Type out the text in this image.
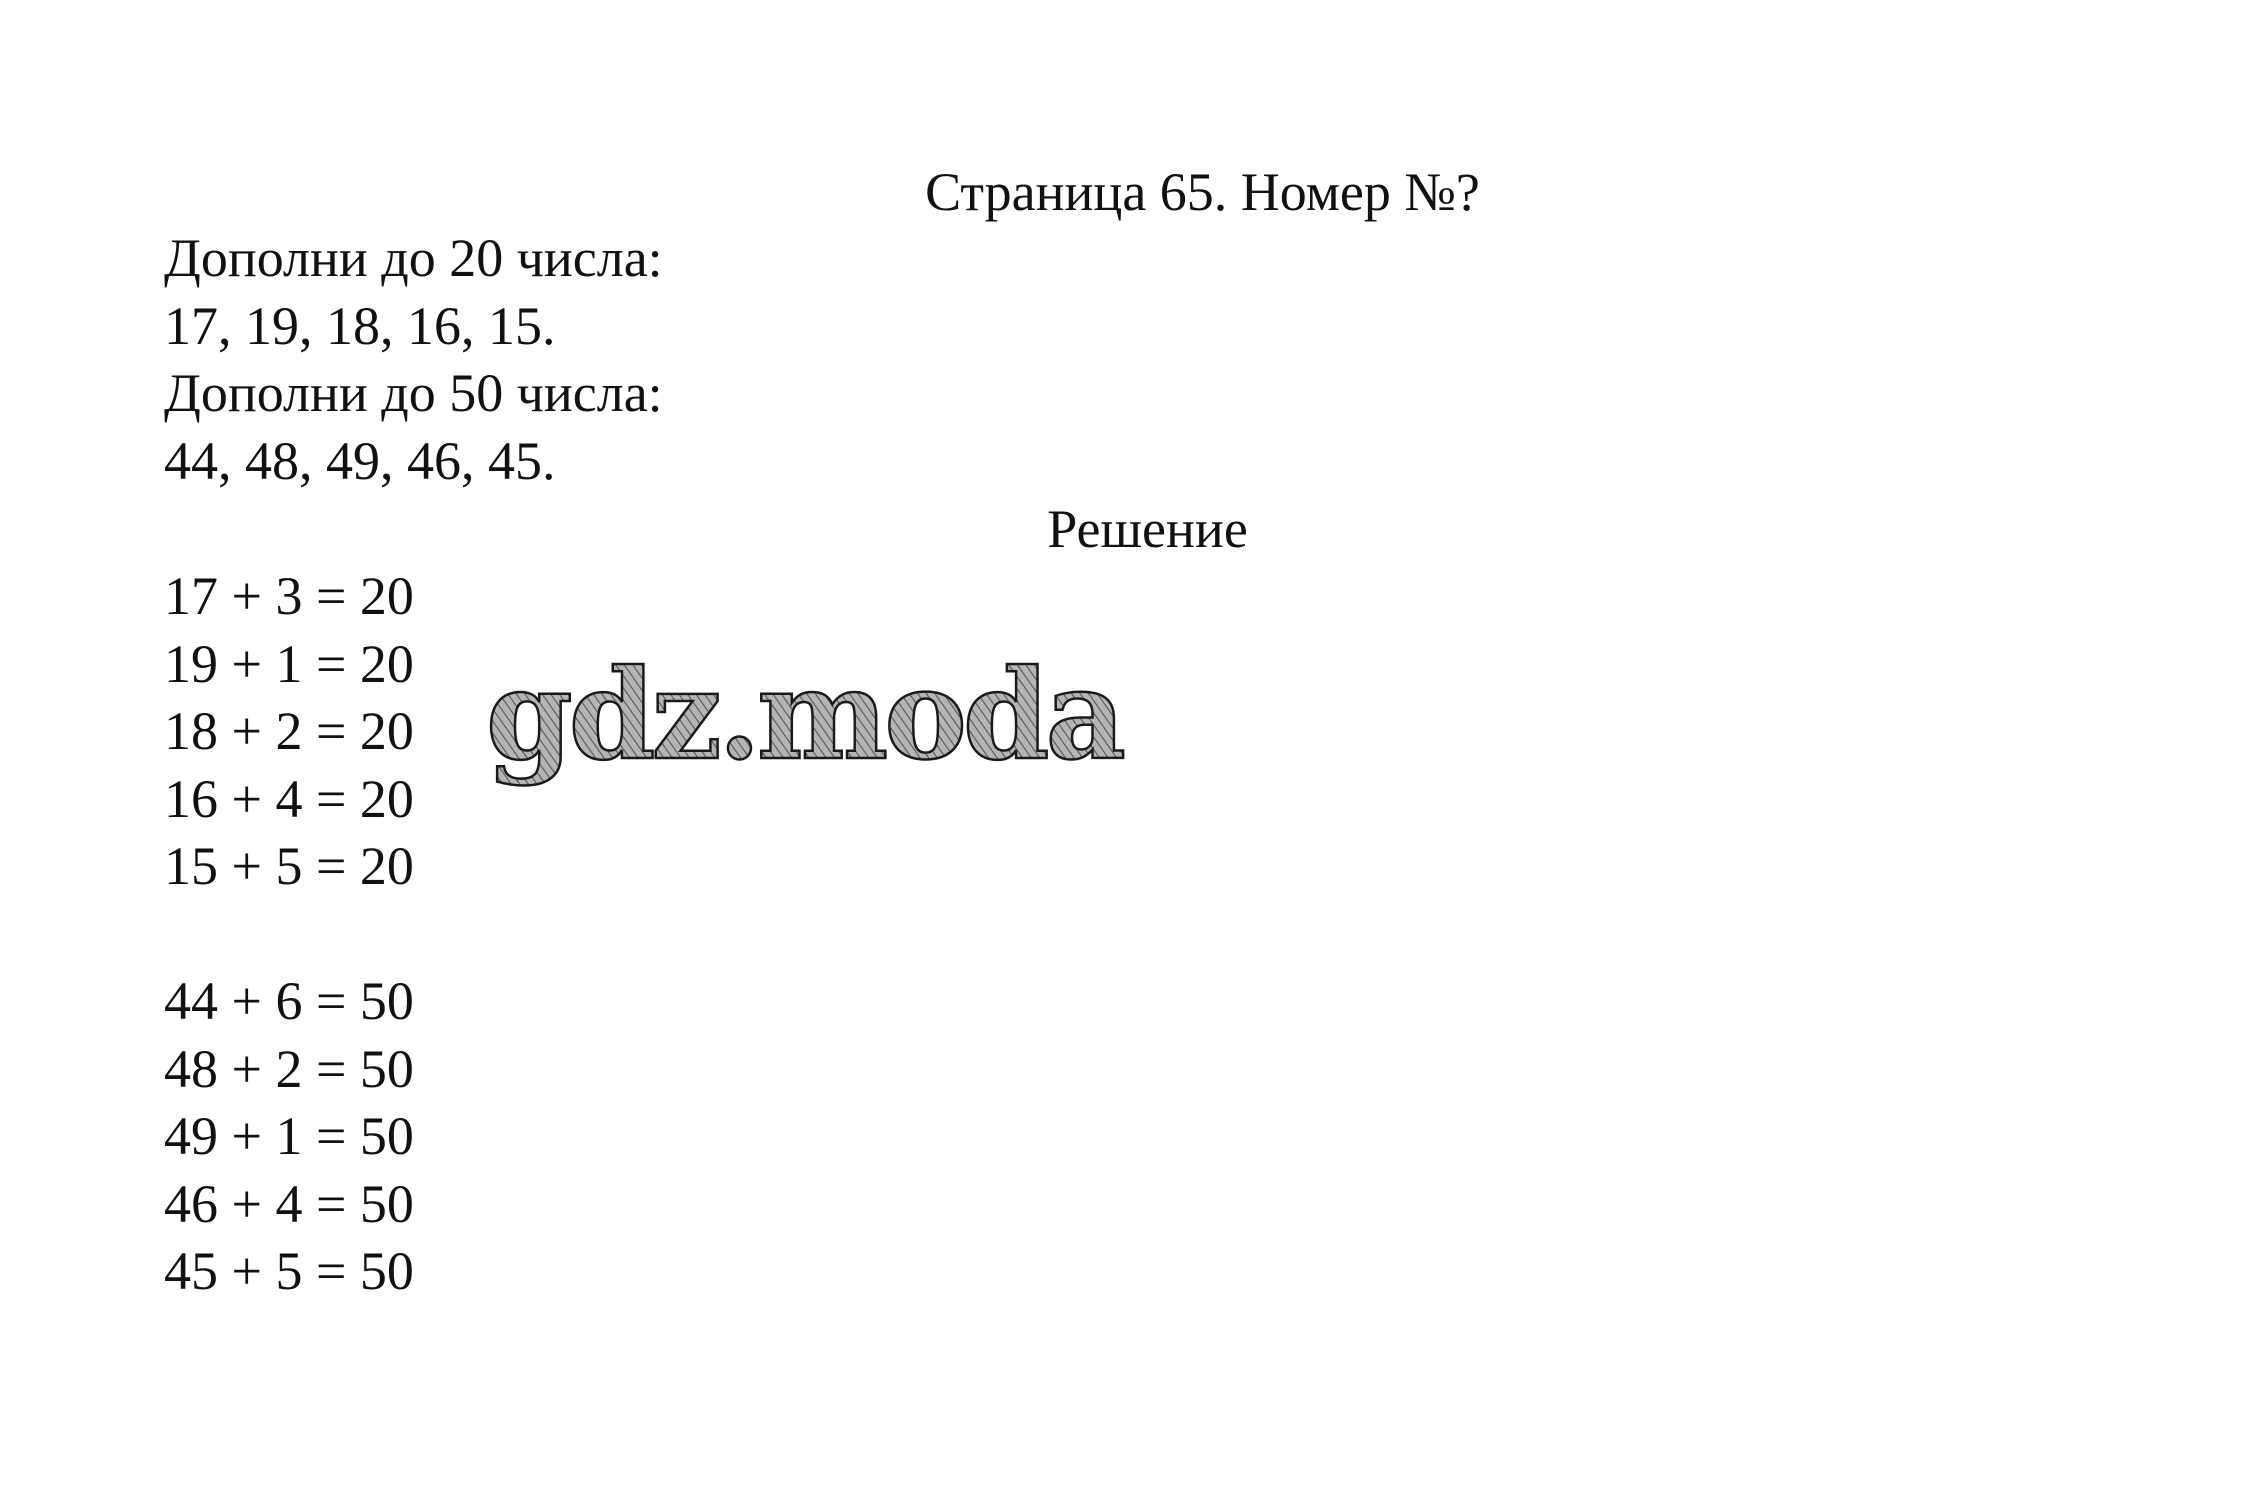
Страница 65. Номер №?
Дополни до 20 числа:
17, 19, 18, 16, 15.
Дополни до 50 числа:
44, 48, 49, 46, 45.
Решение
17 + 3 = 20
19 + 1 = 20
18 + 2 = 20
16 + 4 = 20
15 + 5 = 20
44 + 6 = 50
48 + 2 = 50
49 + 1 = 50
46 + 4 = 50
45 + 5 = 50
gdz.moda
